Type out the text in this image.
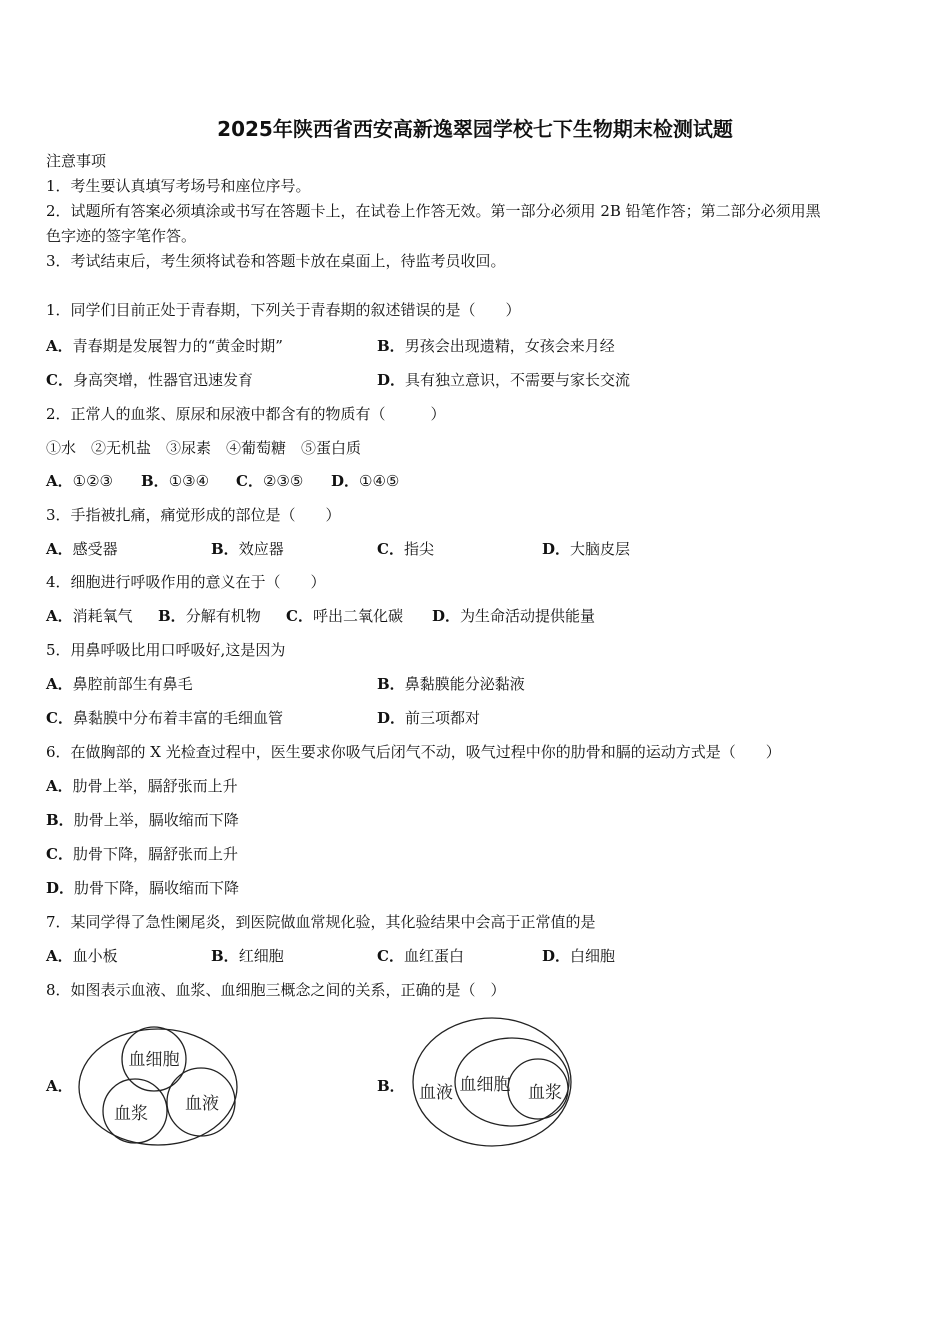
2025年陕西省西安高新逸翠园学校七下生物期末检测试题
注意事项
1．考生要认真填写考场号和座位序号。
2．试题所有答案必须填涂或书写在答题卡上，在试卷上作答无效。第一部分必须用 2B 铅笔作答；第二部分必须用黑
色字迹的签字笔作答。
3．考试结束后，考生须将试卷和答题卡放在桌面上，待监考员收回。
1．同学们目前正处于青春期，下列关于青春期的叙述错误的是（　　）
A．青春期是发展智力的“黄金时期”	B．男孩会出现遗精，女孩会来月经
C．身高突增，性器官迅速发育	D．具有独立意识，不需要与家长交流
2．正常人的血浆、原尿和尿液中都含有的物质有（　　　）
①水　②无机盐　③尿素　④葡萄糖　⑤蛋白质
A．①②③ B．①③④ C．②③⑤ D．①④⑤
3．手指被扎痛，痛觉形成的部位是（　　）
A．感受器	B．效应器	C．指尖	D．大脑皮层
4．细胞进行呼吸作用的意义在于（　　）
A．消耗氧气 B．分解有机物 C．呼出二氧化碳 D．为生命活动提供能量
5．用鼻呼吸比用口呼吸好,这是因为
A．鼻腔前部生有鼻毛	B．鼻黏膜能分泌黏液
C．鼻黏膜中分布着丰富的毛细血管	D．前三项都对
6．在做胸部的 X 光检查过程中，医生要求你吸气后闭气不动，吸气过程中你的肋骨和膈的运动方式是（　　）
A．肋骨上举，膈舒张而上升
B．肋骨上举，膈收缩而下降
C．肋骨下降，膈舒张而上升
D．肋骨下降，膈收缩而下降
7．某同学得了急性阑尾炎，到医院做血常规化验，其化验结果中会高于正常值的是
A．血小板	B．红细胞	C．血红蛋白	D．白细胞
8．如图表示血液、血浆、血细胞三概念之间的关系，正确的是（　）
A．
血细胞
血浆 血液
B． 血液 血细胞 血浆
